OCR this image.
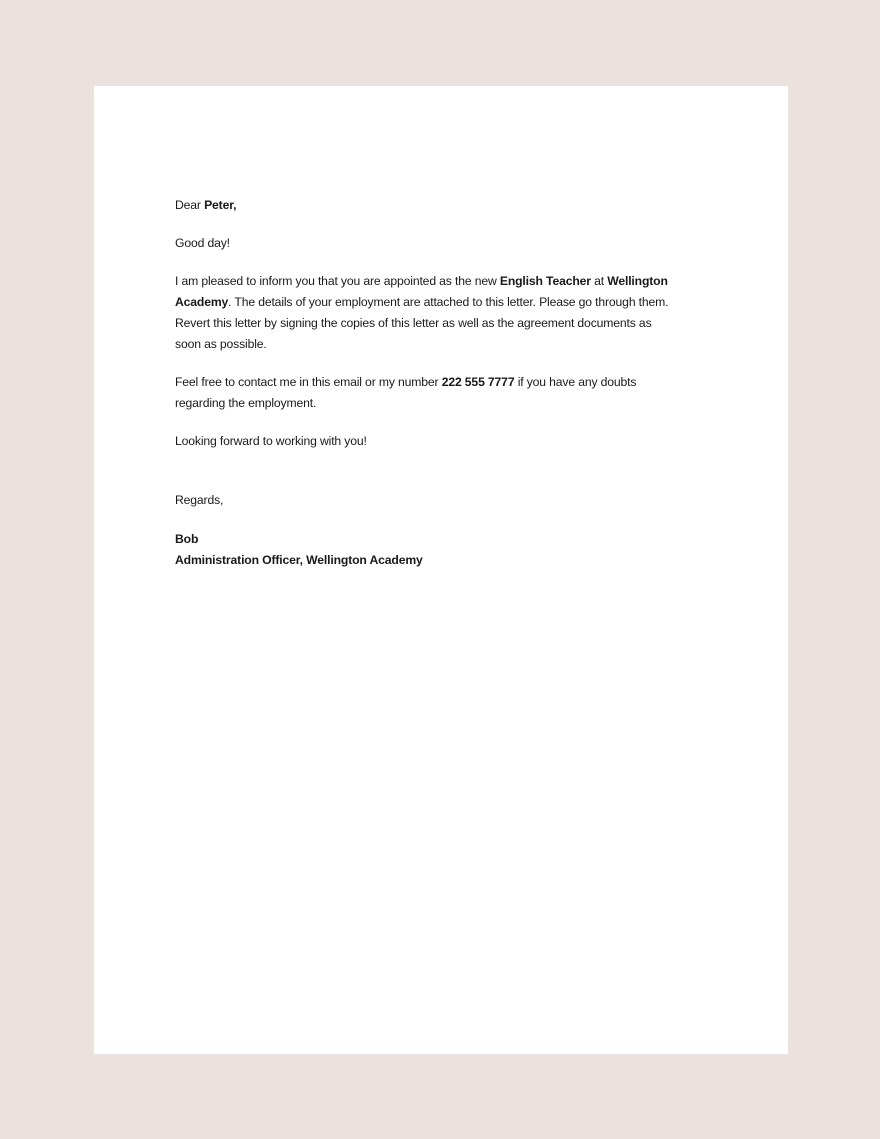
Dear Peter,

Good day!

I am pleased to inform you that you are appointed as the new English Teacher at Wellington
Academy. The details of your employment are attached to this letter. Please go through them.
Revert this letter by signing the copies of this letter as well as the agreement documents as
soon as possible.

Feel free to contact me in this email or my number 222 555 7777 if you have any doubts
regarding the employment.

Looking forward to working with you!

Regards,

Bob
Administration Officer, Wellington Academy
